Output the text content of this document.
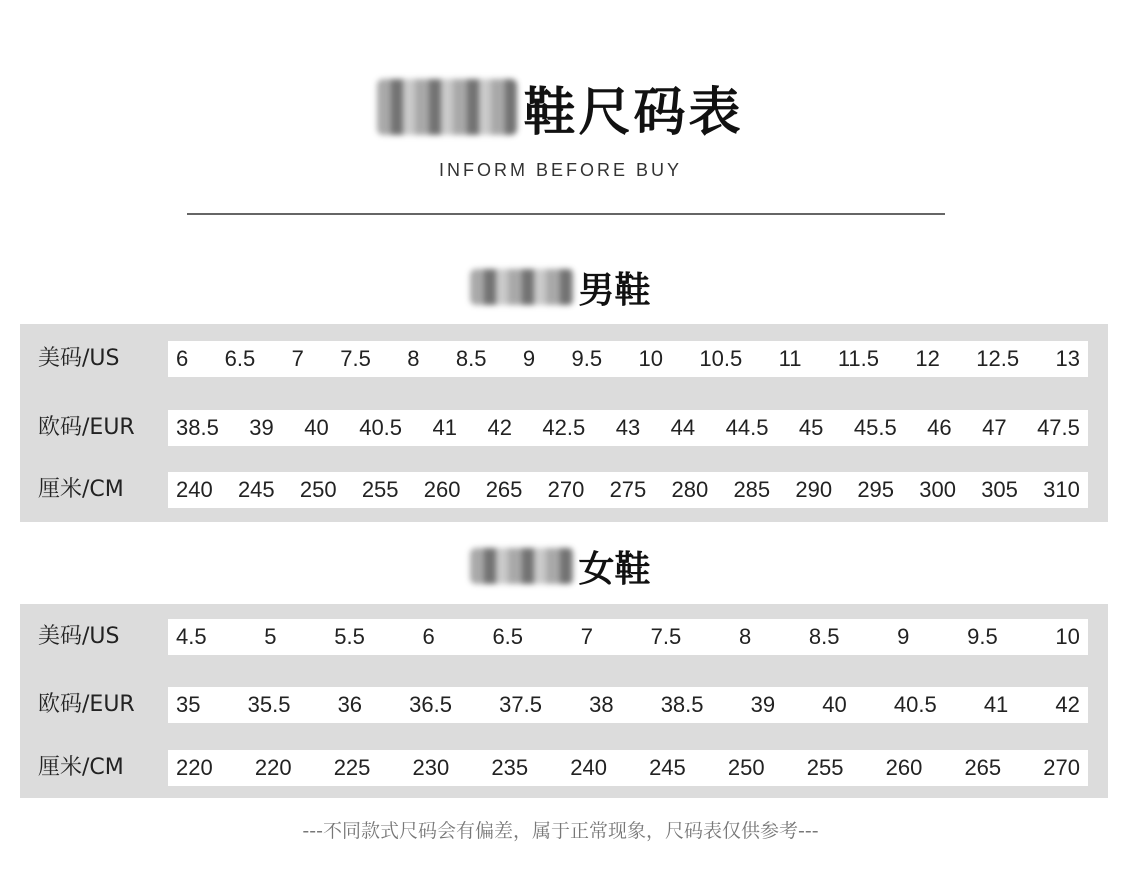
鞋尺码表
INFORM BEFORE BUY
男鞋
美码/US	6 6.5 7 7.5 8 8.5 9 9.5 10 10.5 11 11.5 12 12.5 13
欧码/EUR 38.5 39 40 40.5 41 42 42.5 43 44 44.5 45 45.5 46 47 47.5
厘米/CM 240 245 250 255 260 265 270 275 280 285 290 295 300 305 310
女鞋
美码/US	4.5	5	5.5	6	6.5	7	7.5	8	8.5	9	9.5	10
欧码/EUR 35 35.5 36 36.5 37.5 38 38.5 39 40 40.5 41 42
厘米/CM 220 220 225 230 235 240 245 250 255 260 265 270
---不同款式尺码会有偏差，属于正常现象，尺码表仅供参考---
